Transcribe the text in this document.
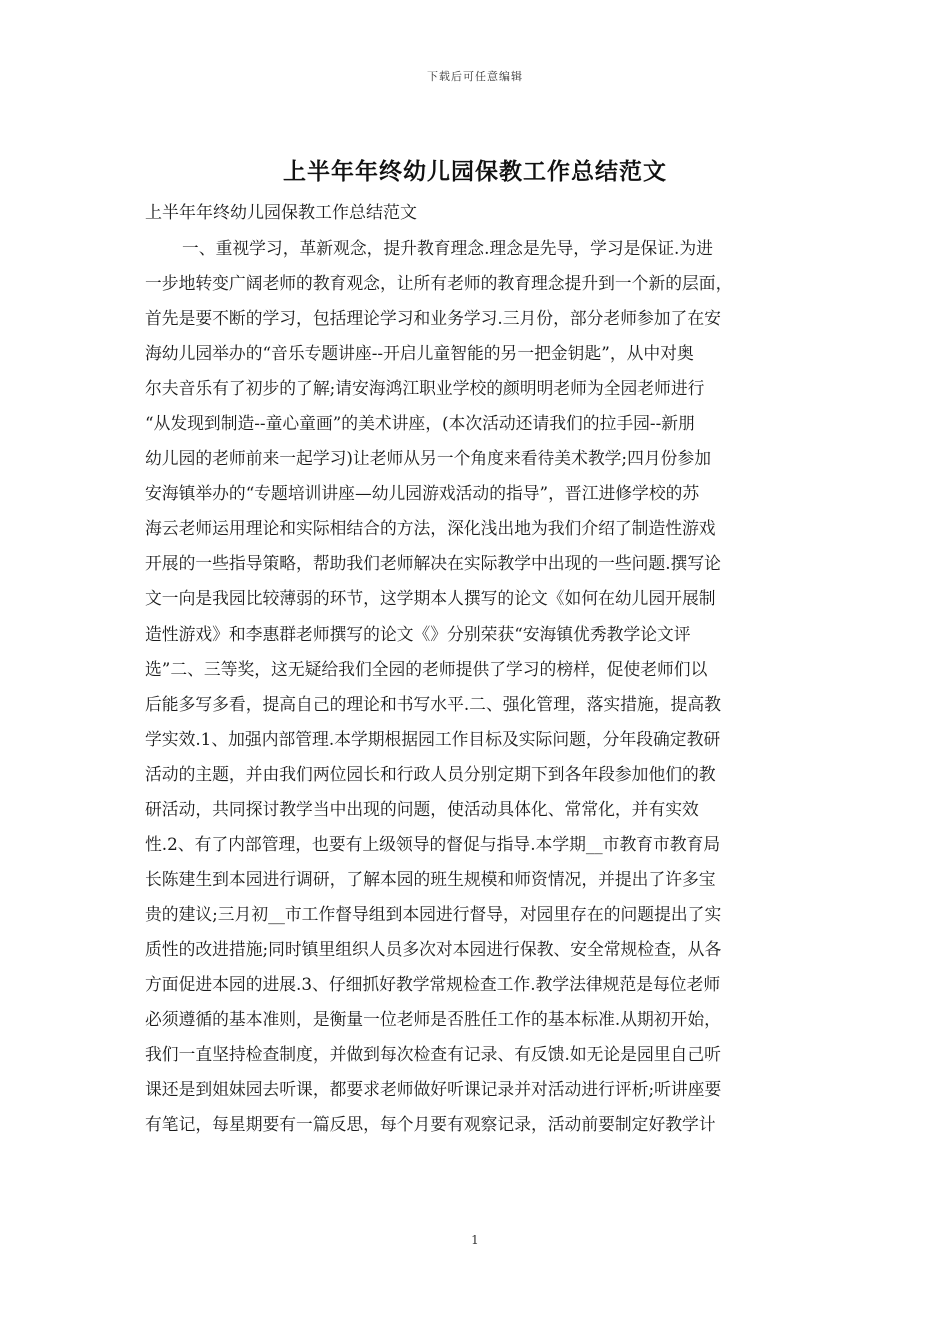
下载后可任意编辑
上半年年终幼儿园保教工作总结范文
上半年年终幼儿园保教工作总结范文
一、重视学习，革新观念，提升教育理念.理念是先导，学习是保证.为进
一步地转变广阔老师的教育观念，让所有老师的教育理念提升到一个新的层面，
首先是要不断的学习，包括理论学习和业务学习.三月份，部分老师参加了在安
海幼儿园举办的“音乐专题讲座--开启儿童智能的另一把金钥匙”，从中对奥
尔夫音乐有了初步的了解;请安海鸿江职业学校的颜明明老师为全园老师进行
“从发现到制造--童心童画”的美术讲座，(本次活动还请我们的拉手园--新朋
幼儿园的老师前来一起学习)让老师从另一个角度来看待美术教学;四月份参加
安海镇举办的“专题培训讲座—幼儿园游戏活动的指导”，晋江进修学校的苏
海云老师运用理论和实际相结合的方法，深化浅出地为我们介绍了制造性游戏
开展的一些指导策略，帮助我们老师解决在实际教学中出现的一些问题.撰写论
文一向是我园比较薄弱的环节，这学期本人撰写的论文《如何在幼儿园开展制
造性游戏》和李惠群老师撰写的论文《》分别荣获“安海镇优秀教学论文评
选”二、三等奖，这无疑给我们全园的老师提供了学习的榜样，促使老师们以
后能多写多看，提高自己的理论和书写水平.二、强化管理，落实措施，提高教
学实效.1、加强内部管理.本学期根据园工作目标及实际问题，分年段确定教研
活动的主题，并由我们两位园长和行政人员分别定期下到各年段参加他们的教
研活动，共同探讨教学当中出现的问题，使活动具体化、常常化，并有实效
性.2、有了内部管理，也要有上级领导的督促与指导.本学期__市教育市教育局
长陈建生到本园进行调研，了解本园的班生规模和师资情况，并提出了许多宝
贵的建议;三月初__市工作督导组到本园进行督导，对园里存在的问题提出了实
质性的改进措施;同时镇里组织人员多次对本园进行保教、安全常规检查，从各
方面促进本园的进展.3、仔细抓好教学常规检查工作.教学法律规范是每位老师
必须遵循的基本准则，是衡量一位老师是否胜任工作的基本标准.从期初开始，
我们一直坚持检查制度，并做到每次检查有记录、有反馈.如无论是园里自己听
课还是到姐妹园去听课，都要求老师做好听课记录并对活动进行评析;听讲座要
有笔记，每星期要有一篇反思，每个月要有观察记录，活动前要制定好教学计
1
